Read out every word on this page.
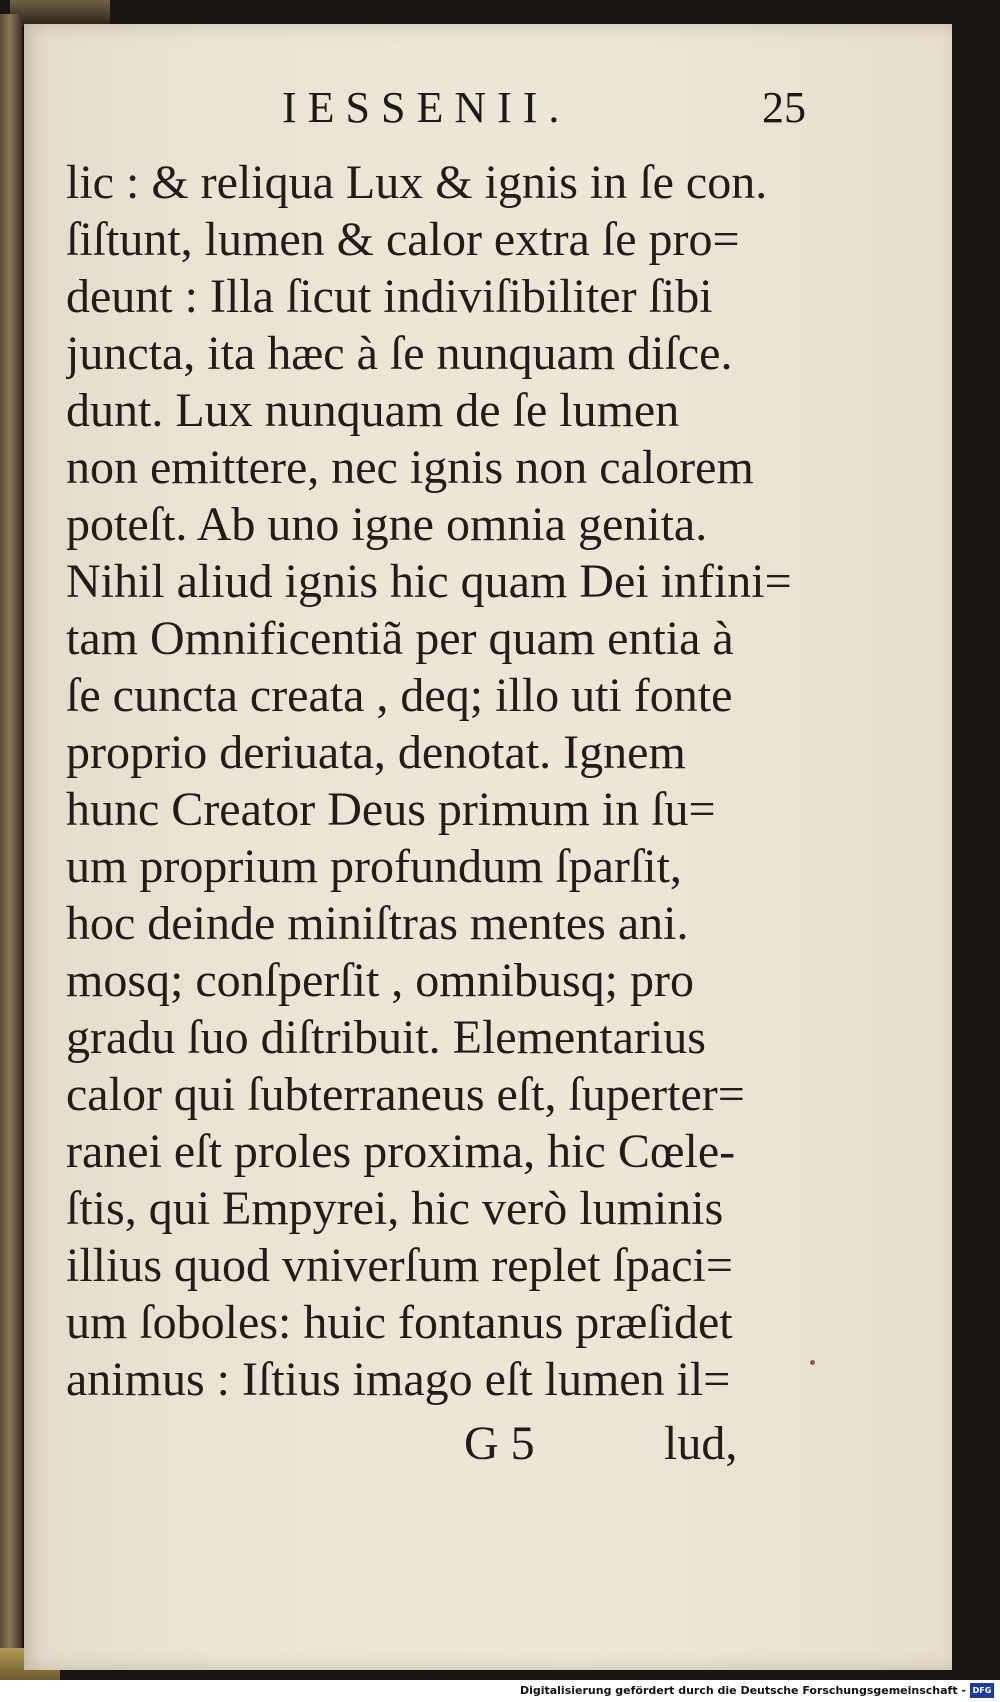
IESSENII.	25
lic : & reliqua Lux & ignis in ſe con.
ſiſtunt, lumen & calor extra ſe pro=
deunt : Illa ſicut indiviſibiliter ſibi
juncta, ita hæc à ſe nunquam diſce.
dunt. Lux nunquam de ſe lumen
non emittere, nec ignis non calorem
poteſt. Ab uno igne omnia genita.
Nihil aliud ignis hic quam Dei infini=
tam Omnificentiã per quam entia à
ſe cuncta creata , deq; illo uti fonte
proprio deriuata, denotat. Ignem
hunc Creator Deus primum in ſu=
um proprium profundum ſparſit,
hoc deinde miniſtras mentes ani.
mosq; conſperſit , omnibusq; pro
gradu ſuo diſtribuit. Elementarius
calor qui ſubterraneus eſt, ſuperter=
ranei eſt proles proxima, hic Cœle-
ſtis, qui Empyrei, hic verò luminis
illius quod vniverſum replet ſpaci=
um ſoboles: huic fontanus præſidet
animus : Iſtius imago eſt lumen il=
G 5	lud,
Digitalisierung gefördert durch die Deutsche Forschungsgemeinschaft - DFG
